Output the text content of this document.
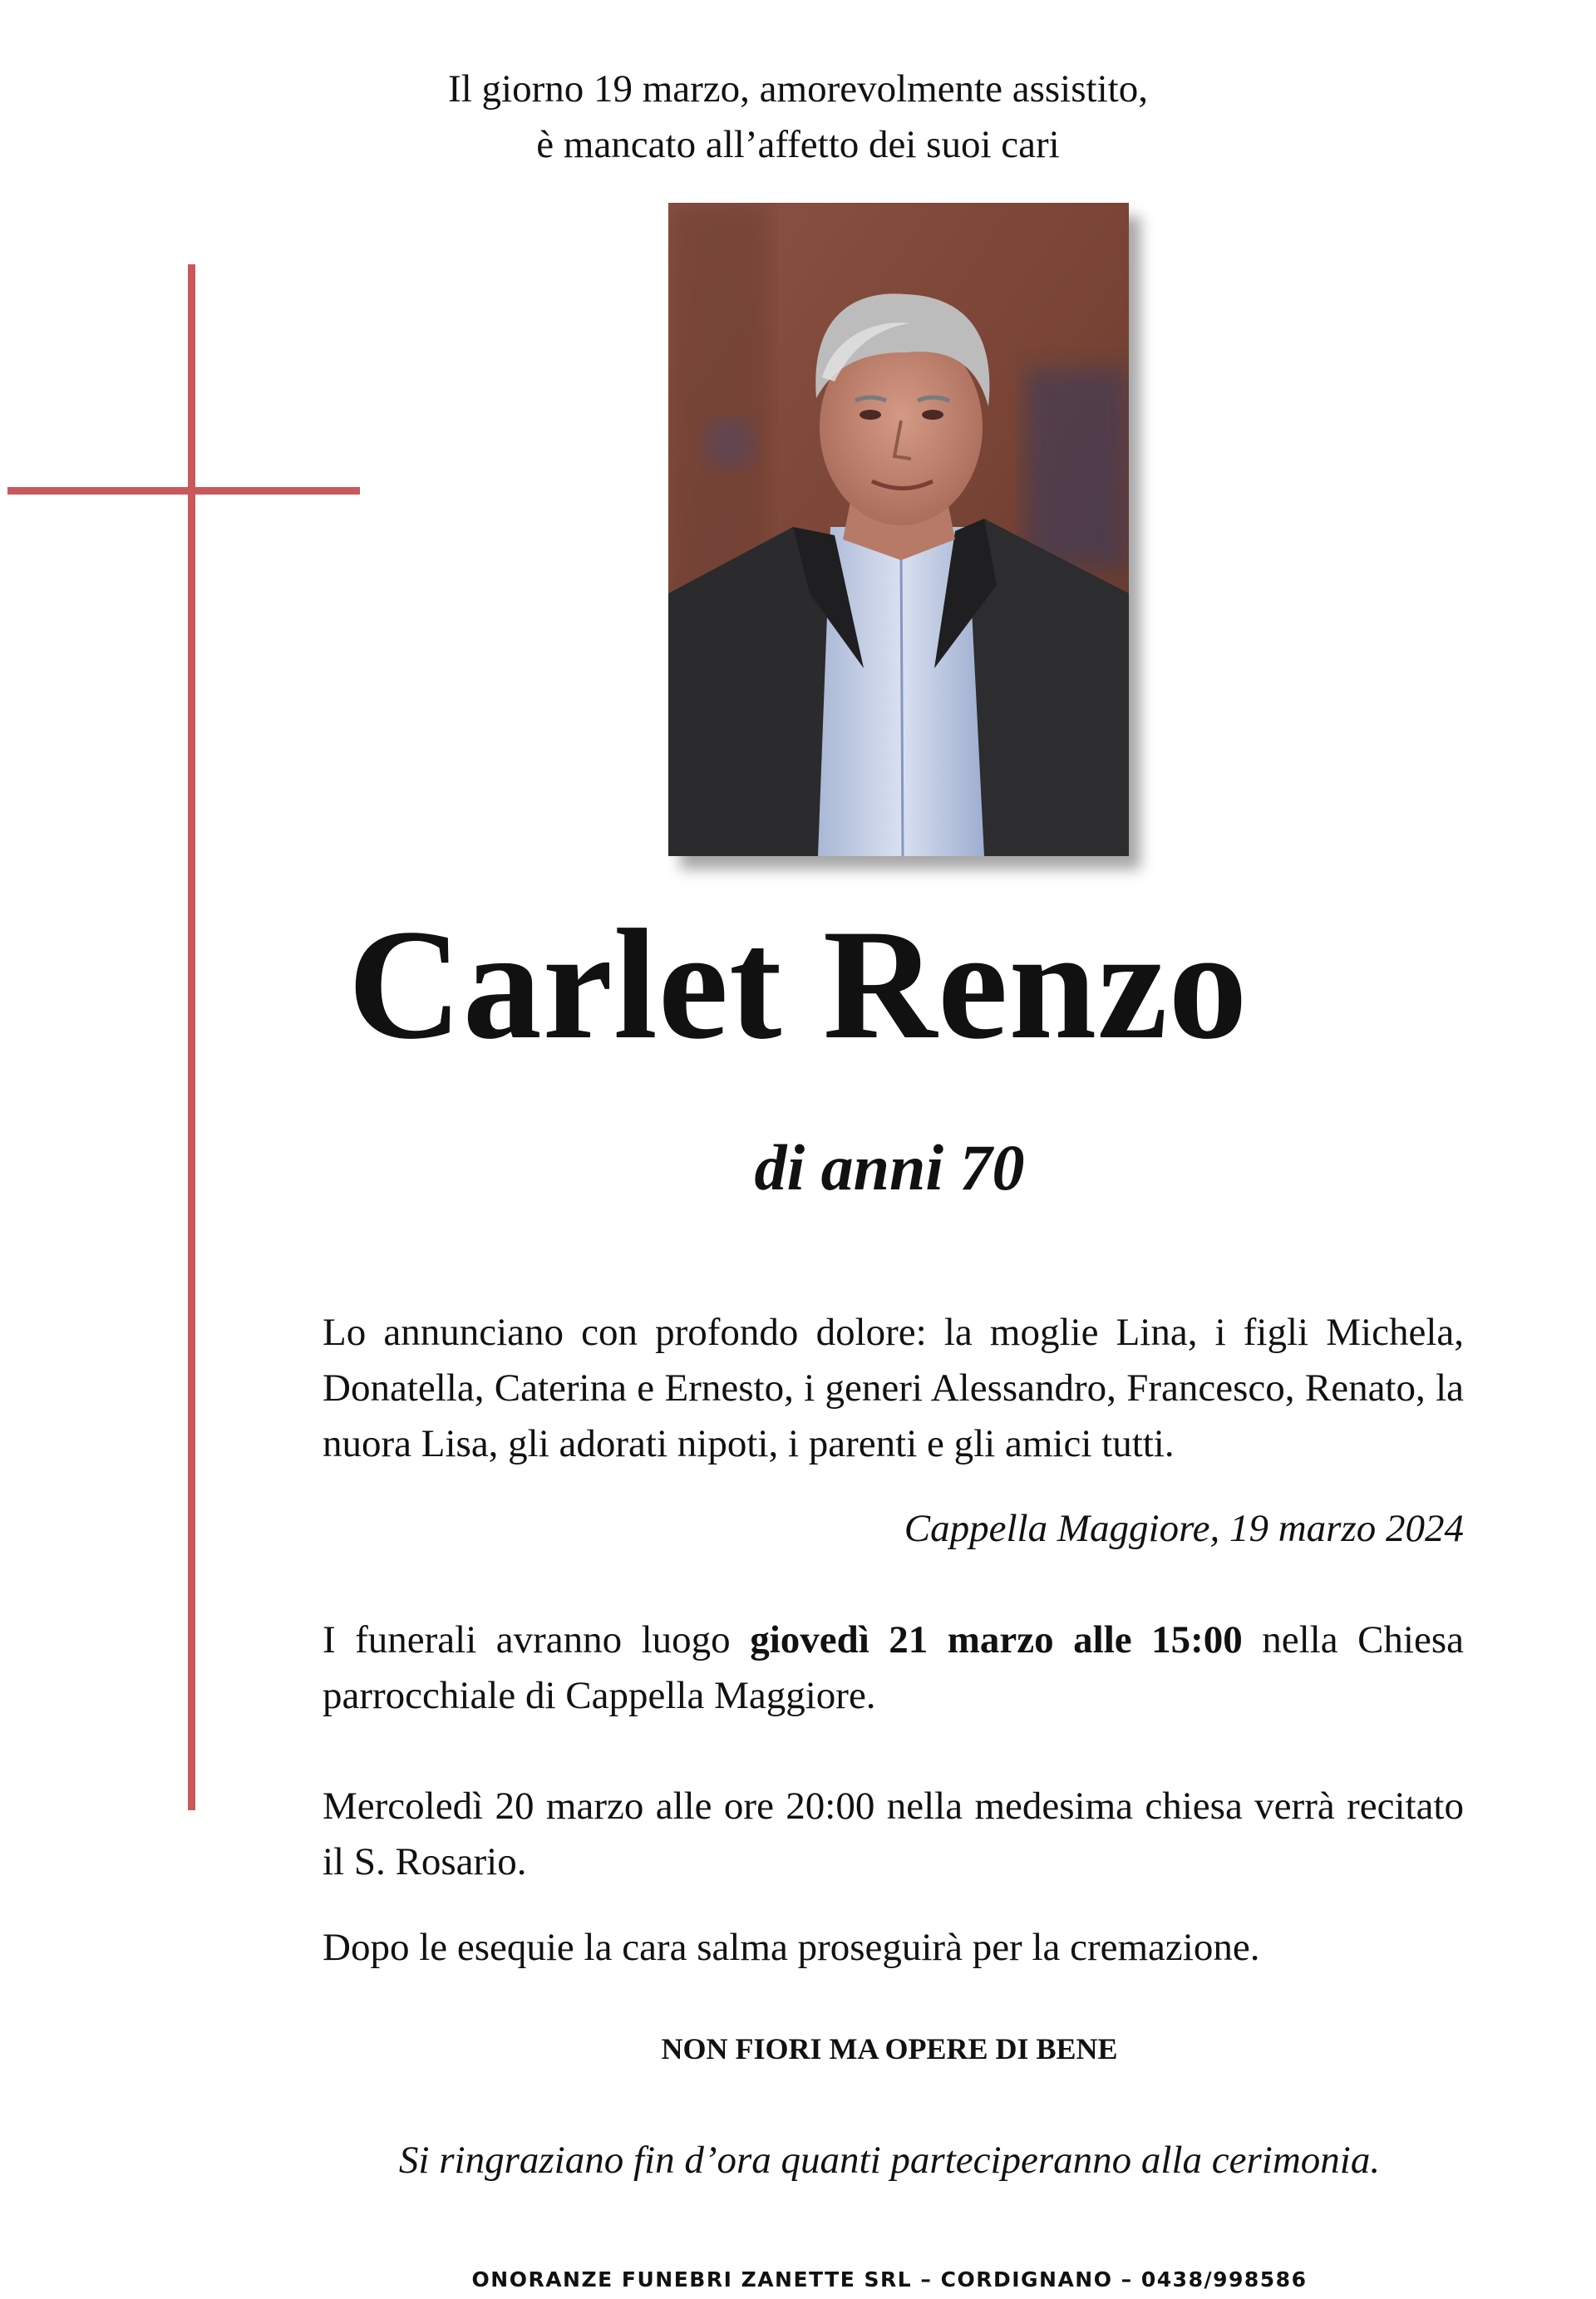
Il giorno 19 marzo, amorevolmente assistito,
è mancato all’affetto dei suoi cari
Carlet Renzo
di anni 70
Lo annunciano con profondo dolore: la moglie Lina, i figli Michela, Donatella, Caterina e Ernesto, i generi Alessandro, Francesco, Renato, la nuora Lisa, gli adorati nipoti, i parenti e gli amici tutti.
Cappella Maggiore, 19 marzo 2024
I funerali avranno luogo giovedì 21 marzo alle 15:00 nella Chiesa parrocchiale di Cappella Maggiore.
Mercoledì 20 marzo alle ore 20:00 nella medesima chiesa verrà recitato il S. Rosario.
Dopo le esequie la cara salma proseguirà per la cremazione.
NON FIORI MA OPERE DI BENE
Si ringraziano fin d’ora quanti parteciperanno alla cerimonia.
ONORANZE FUNEBRI ZANETTE SRL – CORDIGNANO – 0438/998586
